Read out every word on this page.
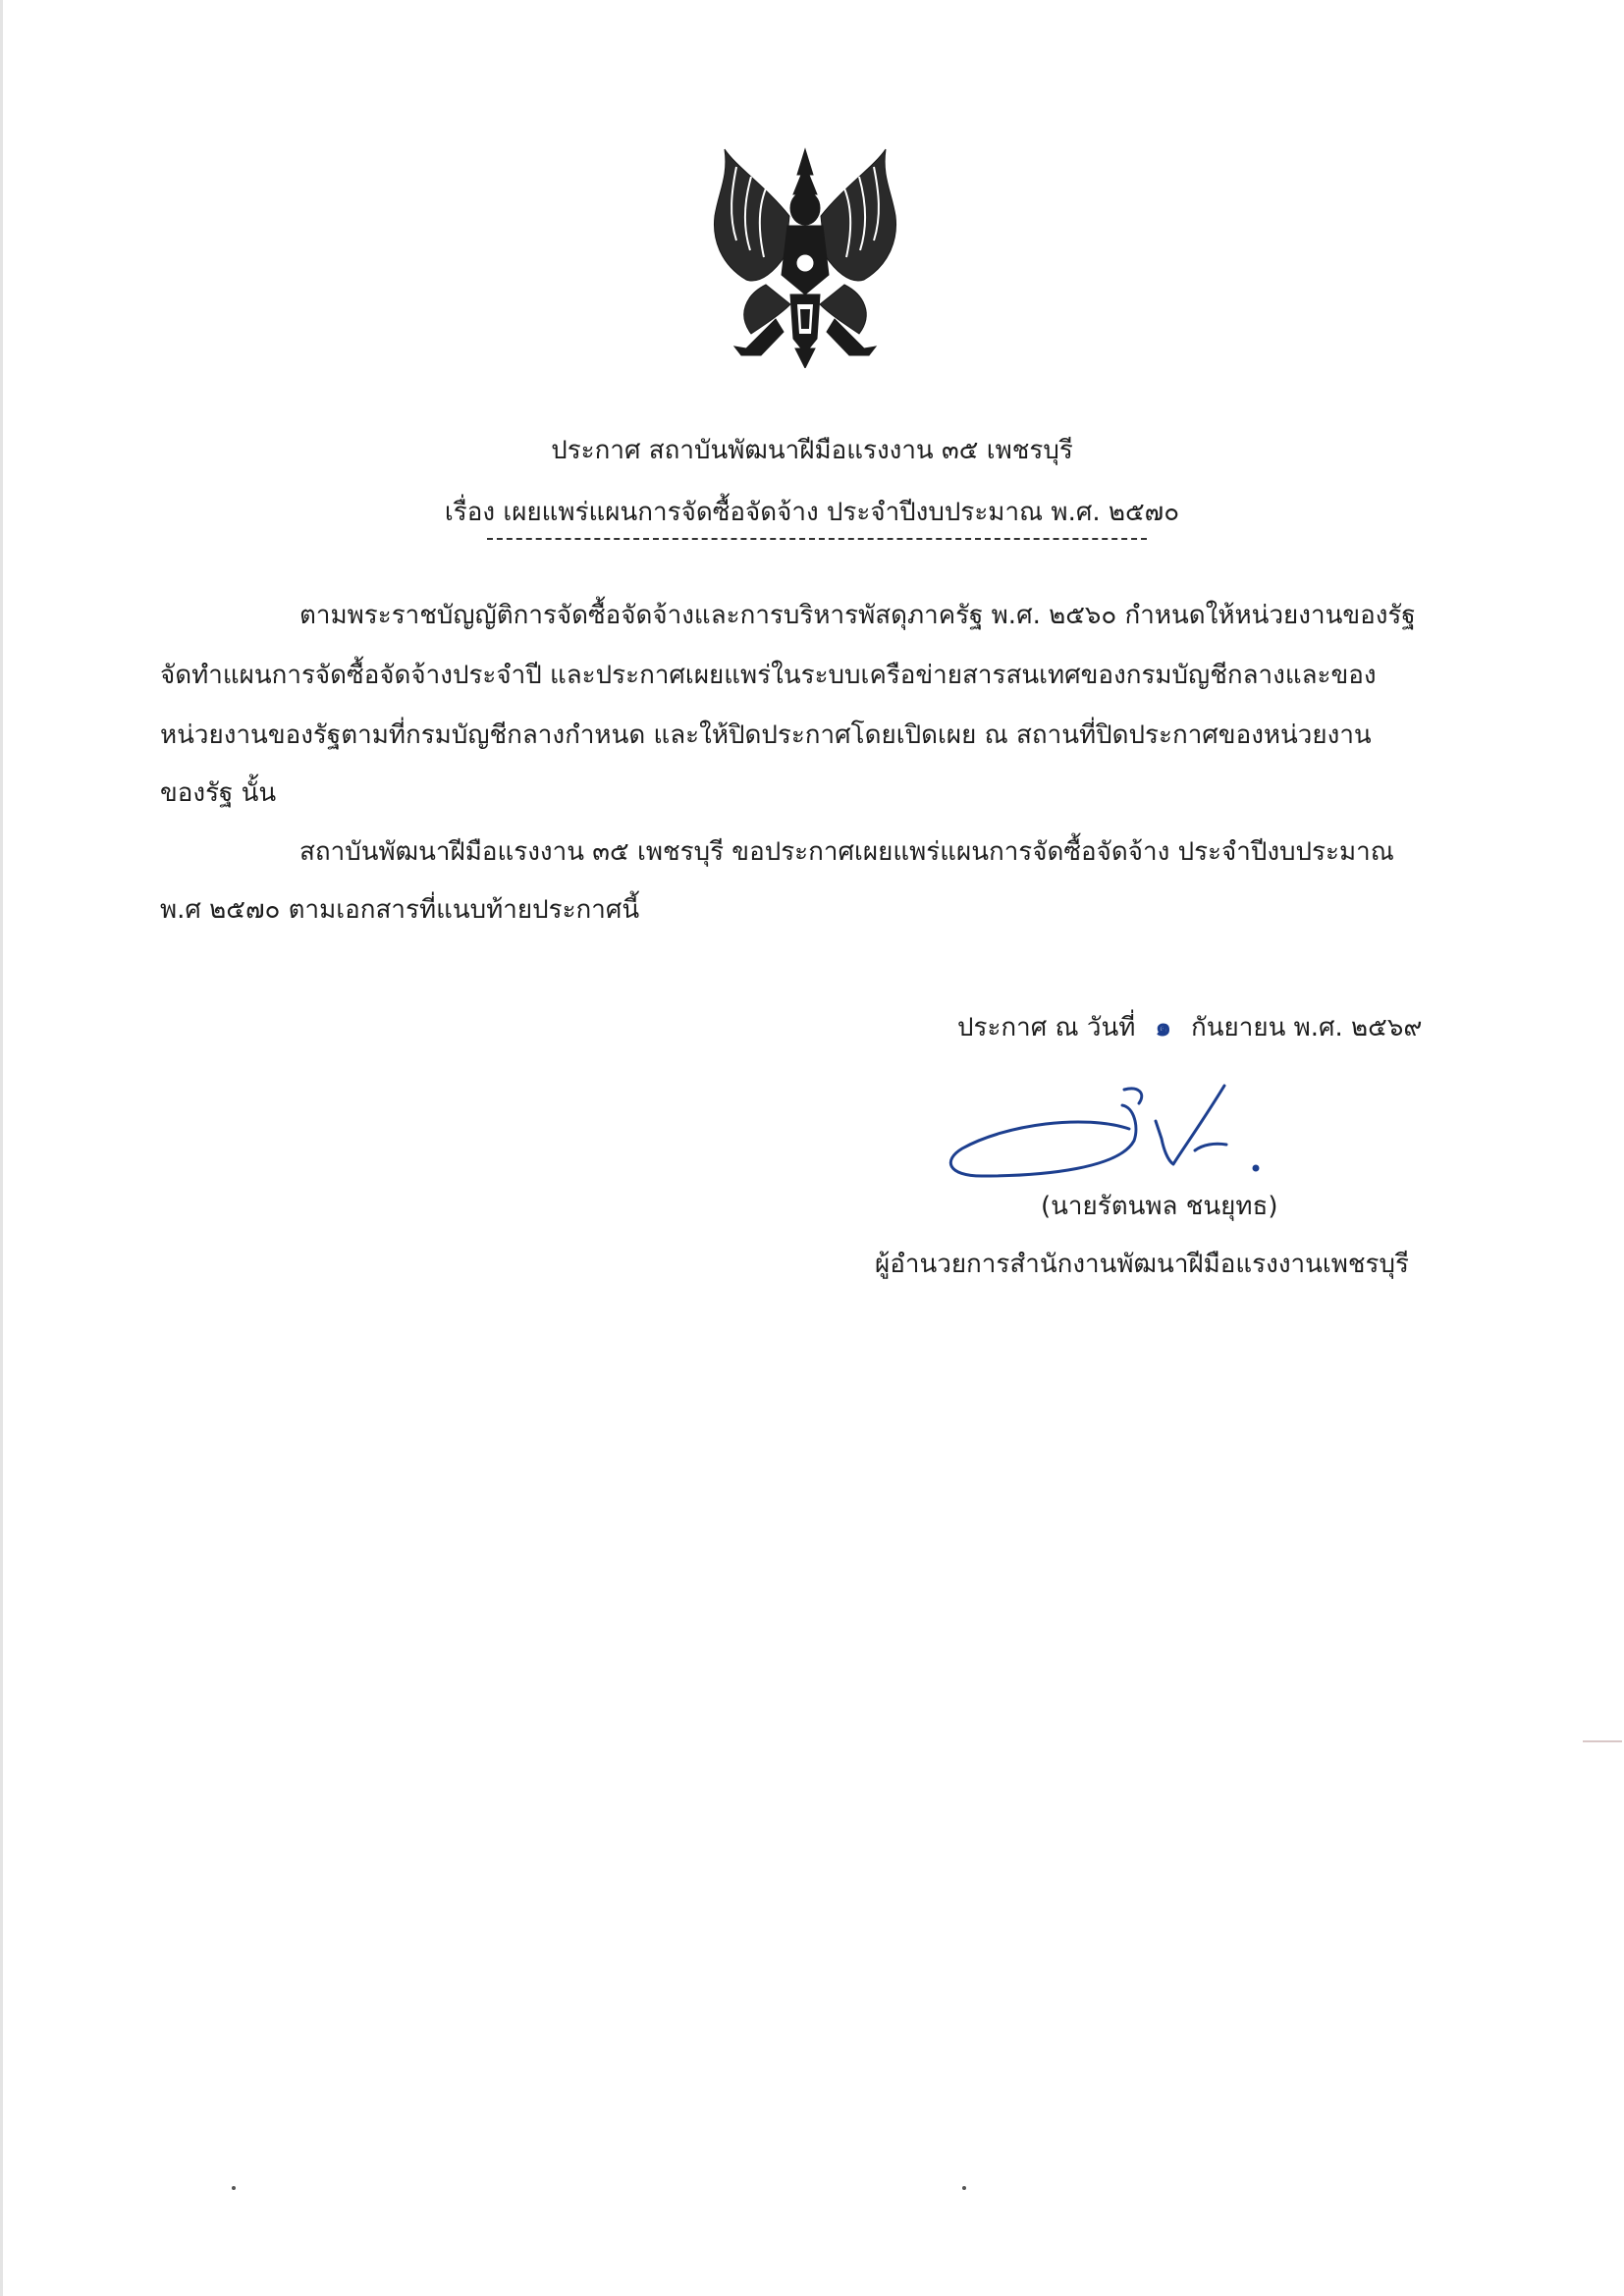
ประกาศ สถาบันพัฒนาฝีมือแรงงาน ๓๕ เพชรบุรี
เรื่อง เผยแพร่แผนการจัดซื้อจัดจ้าง ประจำปีงบประมาณ พ.ศ. ๒๕๗๐
ตามพระราชบัญญัติการจัดซื้อจัดจ้างและการบริหารพัสดุภาครัฐ พ.ศ. ๒๕๖๐ กำหนดให้หน่วยงานของรัฐ
จัดทำแผนการจัดซื้อจัดจ้างประจำปี และประกาศเผยแพร่ในระบบเครือข่ายสารสนเทศของกรมบัญชีกลางและของ
หน่วยงานของรัฐตามที่กรมบัญชีกลางกำหนด และให้ปิดประกาศโดยเปิดเผย ณ สถานที่ปิดประกาศของหน่วยงาน
ของรัฐ นั้น
สถาบันพัฒนาฝีมือแรงงาน ๓๕ เพชรบุรี ขอประกาศเผยแพร่แผนการจัดซื้อจัดจ้าง ประจำปีงบประมาณ
พ.ศ ๒๕๗๐ ตามเอกสารที่แนบท้ายประกาศนี้
ประกาศ ณ วันที่ ๑ กันยายน พ.ศ. ๒๕๖๙
(นายรัตนพล ชนยุทธ)
ผู้อำนวยการสำนักงานพัฒนาฝีมือแรงงานเพชรบุรี
